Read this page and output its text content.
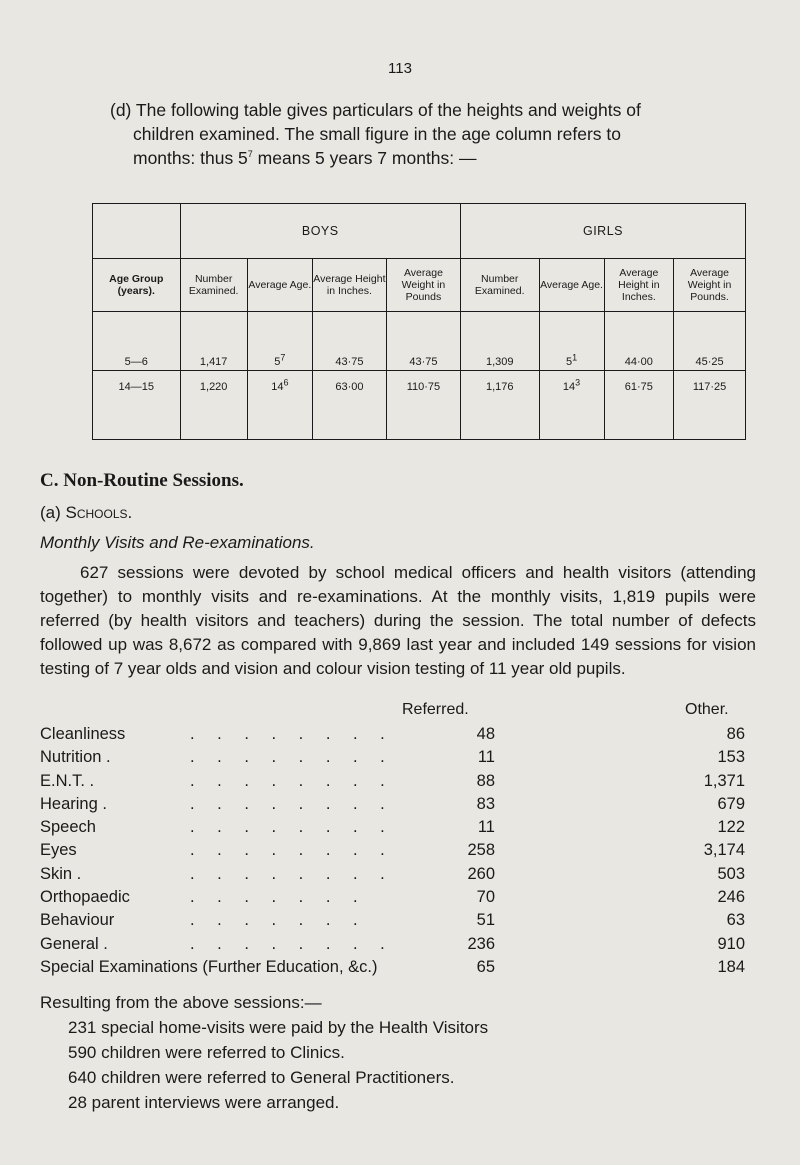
113
(d) The following table gives particulars of the heights and weights of
children examined. The small figure in the age column refers to
months: thus $5^7$ means 5 years 7 months: —
	BOYS				GIRLS			
Age Group (years).	Number Examined.	Average Age.	Average Height in Inches.	Average Weight in Pounds	Number Examined.	Average Age.	Average Height in Inches.	Average Weight in Pounds.
5—6	1,417	$5^7$	43·75	43·75	1,309	$5^1$	44·00	45·25
14—15	1,220	$14^6$	63·00	110·75	1,176	$14^3$	61·75	117·25
C. Non-Routine Sessions.
(a) Schools.
Monthly Visits and Re-examinations.

627 sessions were devoted by school medical officers and health visitors (attending together) to monthly visits and re-examinations. At the monthly visits, 1,819 pupils were referred (by health visitors and teachers) during the session. The total number of defects followed up was 8,672 as compared with 9,869 last year and included 149 sessions for vision testing of 7 year olds and vision and colour vision testing of 11 year old pupils.

Referred.	Other.
Cleanliness	. . . . . . . .	48	86
Nutrition .	. . . . . . . .	11	153
E.N.T. .	. . . . . . . .	88	1,371
Hearing .	. . . . . . . .	83	679
Speech	. . . . . . . .	11	122
Eyes	. . . . . . . .	258	3,174
Skin .	. . . . . . . .	260	503
Orthopaedic	. . . . . . .	70	246
Behaviour	. . . . . . .	51	63
General .	. . . . . . . .	236	910
Special Examinations (Further Education, &c.)	65	184
Resulting from the above sessions:—
231 special home-visits were paid by the Health Visitors
590 children were referred to Clinics.
640 children were referred to General Practitioners.
28 parent interviews were arranged.
